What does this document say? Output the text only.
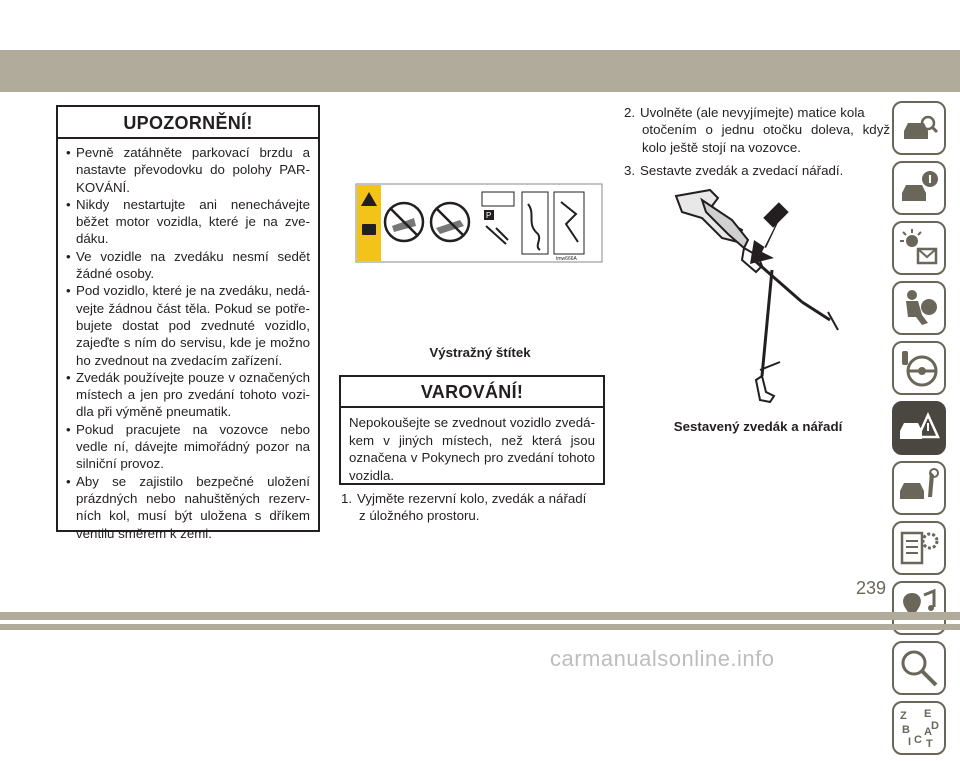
UPOZORNĚNÍ!
• Pevně zatáhněte parkovací brzdu a nastavte převodovku do polohy PAR-KOVÁNÍ.
• Nikdy nestartujte ani nenechávejte běžet motor vozidla, které je na zve-dáku.
• Ve vozidle na zvedáku nesmí sedět žádné osoby.
• Pod vozidlo, které je na zvedáku, nedá-vejte žádnou část těla. Pokud se potře-bujete dostat pod zvednuté vozidlo, zajeďte s ním do servisu, kde je možno ho zvednout na zvedacím zařízení.
• Zvedák používejte pouze v označených místech a jen pro zvedání tohoto vozi-dla při výměně pneumatik.
• Pokud pracujete na vozovce nebo vedle ní, dávejte mimořádný pozor na silniční provoz.
• Aby se zajistilo bezpečné uložení prázdných nebo nahuštěných rezerv-ních kol, musí být uložena s dříkem ventilu směrem k zemi.
P
tmw666A
Výstražný štítek
VAROVÁNÍ!
Nepokoušejte se zvednout vozidlo zvedá-kem v jiných místech, než která jsou označena v Pokynech pro zvedání tohoto vozidla.
1. Vyjměte rezervní kolo, zvedák a nářadí
z úložného prostoru.
2. Uvolněte (ale nevyjímejte) matice kola
otočením o jednu otočku doleva, když kolo ještě stojí na vozovce.
3. Sestavte zvedák a zvedací nářadí.
Sestavený zvedák a nářadí
Z E
B A
I C T
D
239
carmanualsonline.info
